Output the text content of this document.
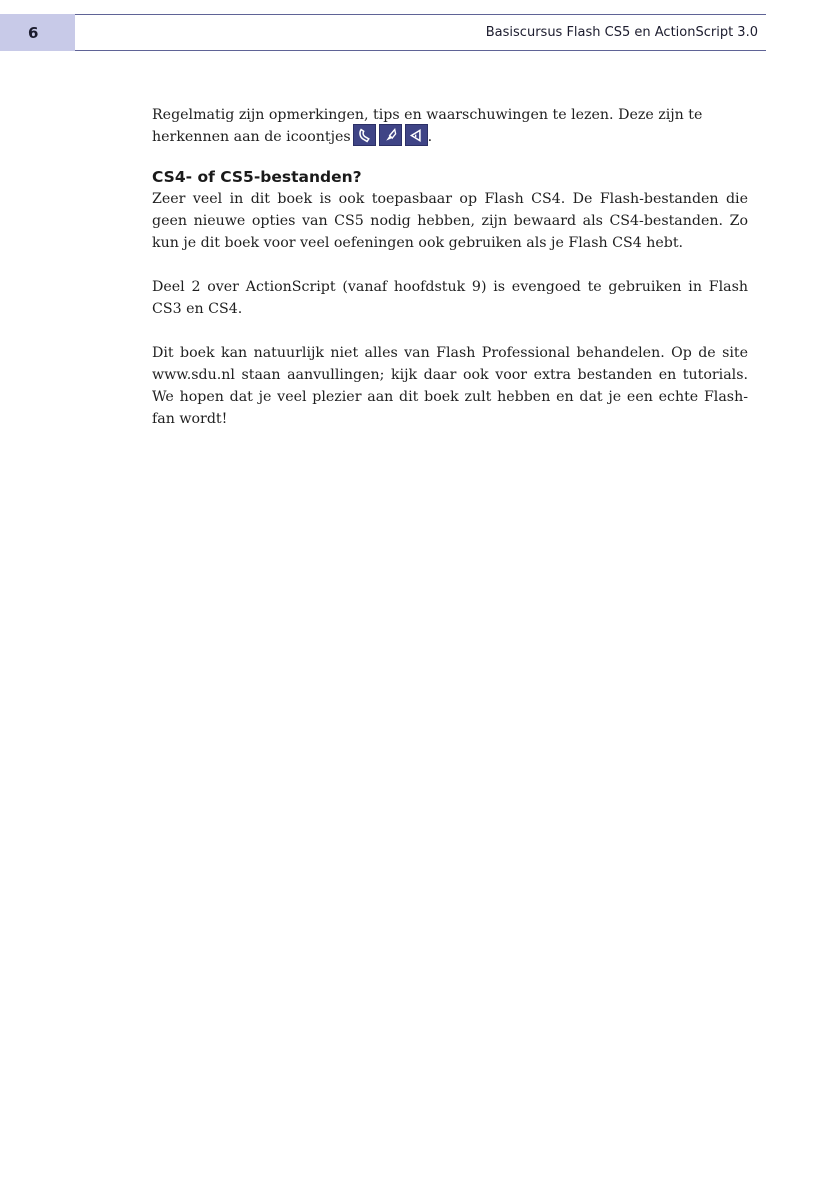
6	Basiscursus Flash CS5 en ActionScript 3.0

Regelmatig zijn opmerkingen, tips en waarschuwingen te lezen. Deze zijn te
herkennen aan de icoontjes	.

CS4- of CS5-bestanden?

Zeer veel in dit boek is ook toepasbaar op Flash CS4. De Flash-bestanden die geen nieuwe opties van CS5 nodig hebben, zijn bewaard als CS4-bestanden. Zo kun je dit boek voor veel oefeningen ook gebruiken als je Flash CS4 hebt.

Deel 2 over ActionScript (vanaf hoofdstuk 9) is evengoed te gebruiken in Flash CS3 en CS4.

Dit boek kan natuurlijk niet alles van Flash Professional behandelen. Op de site www.sdu.nl staan aanvullingen; kijk daar ook voor extra bestanden en tutorials. We hopen dat je veel plezier aan dit boek zult hebben en dat je een echte Flash-fan wordt!
